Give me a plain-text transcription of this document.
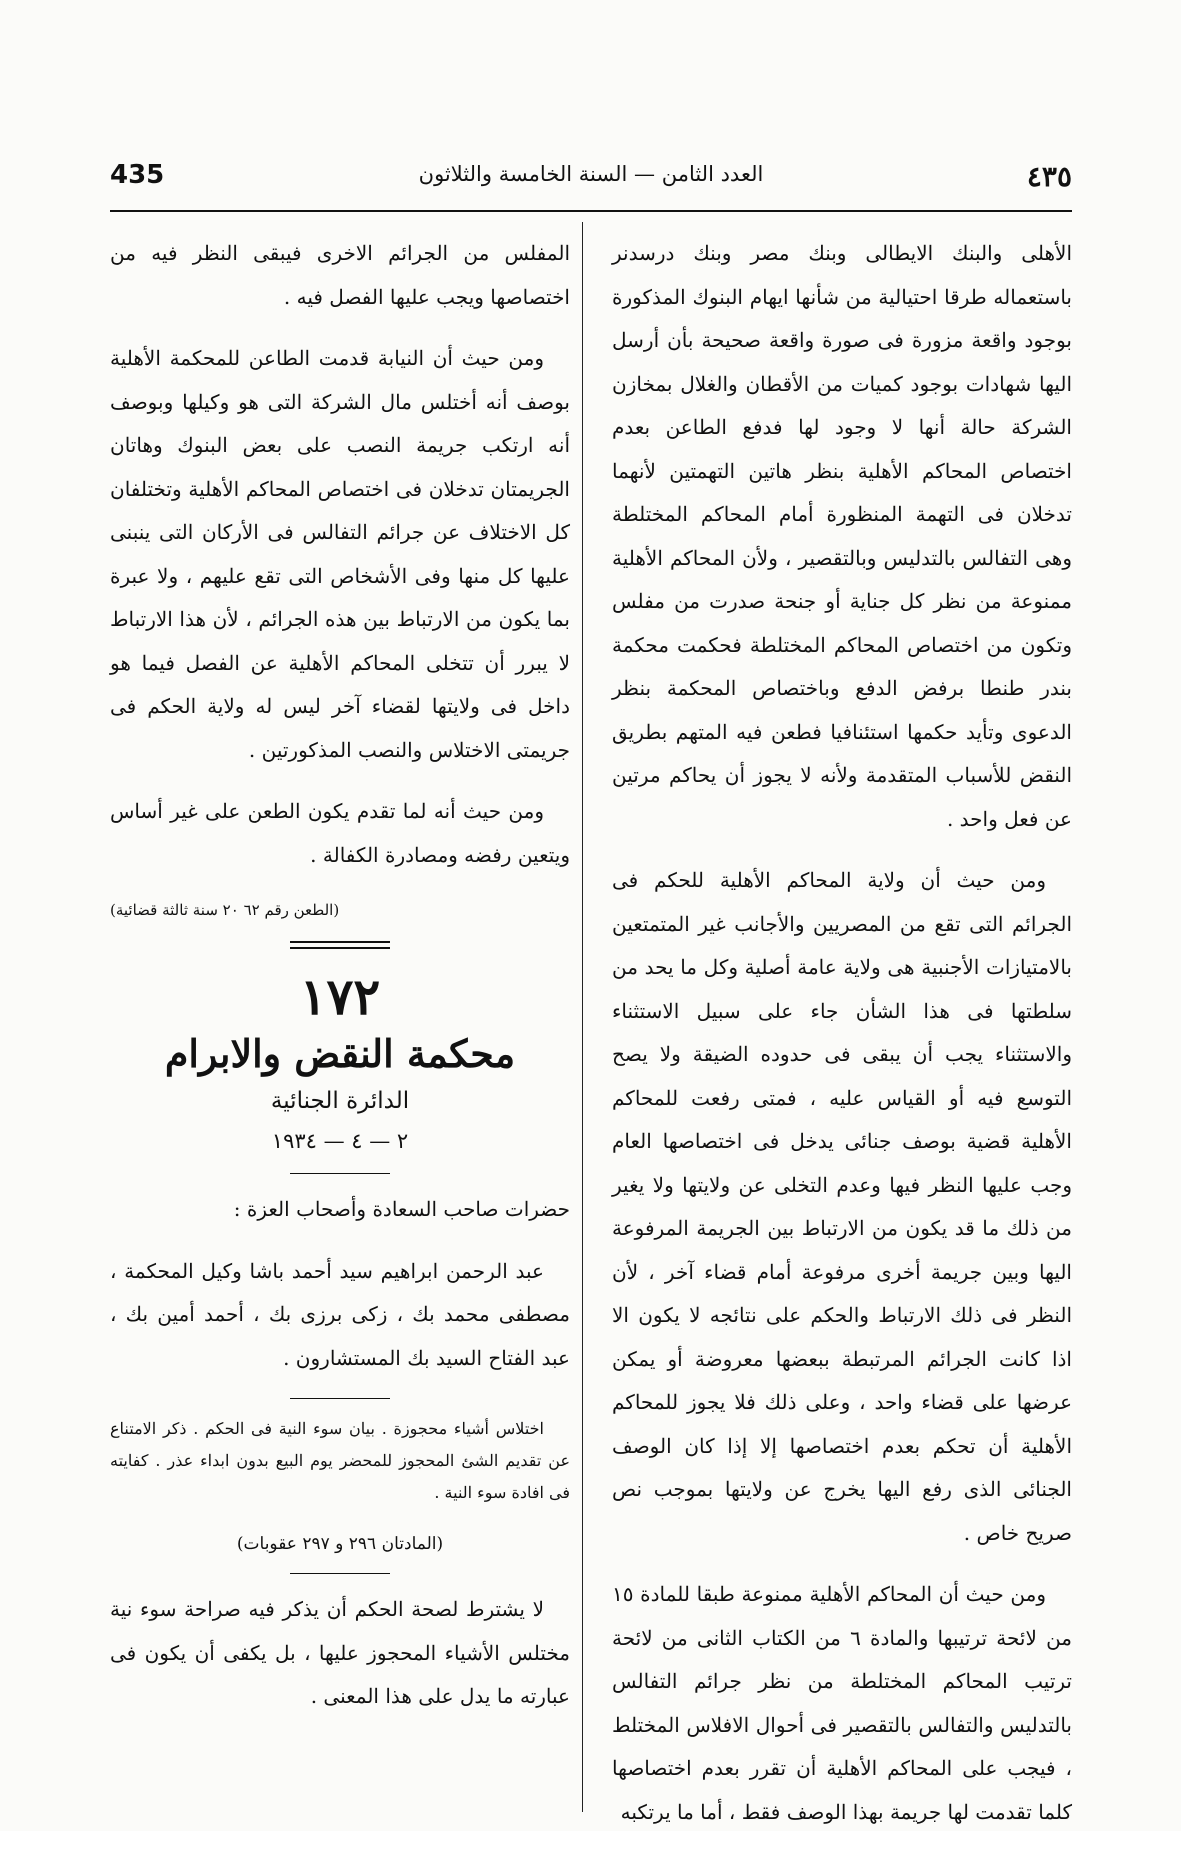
435	العدد الثامن — السنة الخامسة والثلاثون	٤٣٥

الأهلى والبنك الايطالى وبنك مصر وبنك درسدنر باستعماله طرقا احتيالية من شأنها ايهام البنوك المذكورة بوجود واقعة مزورة فى صورة واقعة صحيحة بأن أرسل اليها شهادات بوجود كميات من الأقطان والغلال بمخازن الشركة حالة أنها لا وجود لها فدفع الطاعن بعدم اختصاص المحاكم الأهلية بنظر هاتين التهمتين لأنهما تدخلان فى التهمة المنظورة أمام المحاكم المختلطة وهى التفالس بالتدليس وبالتقصير ، ولأن المحاكم الأهلية ممنوعة من نظر كل جناية أو جنحة صدرت من مفلس وتكون من اختصاص المحاكم المختلطة فحكمت محكمة بندر طنطا برفض الدفع وباختصاص المحكمة بنظر الدعوى وتأيد حكمها استئنافيا فطعن فيه المتهم بطريق النقض للأسباب المتقدمة ولأنه لا يجوز أن يحاكم مرتين عن فعل واحد .

ومن حيث أن ولاية المحاكم الأهلية للحكم فى الجرائم التى تقع من المصريين والأجانب غير المتمتعين بالامتيازات الأجنبية هى ولاية عامة أصلية وكل ما يحد من سلطتها فى هذا الشأن جاء على سبيل الاستثناء والاستثناء يجب أن يبقى فى حدوده الضيقة ولا يصح التوسع فيه أو القياس عليه ، فمتى رفعت للمحاكم الأهلية قضية بوصف جنائى يدخل فى اختصاصها العام وجب عليها النظر فيها وعدم التخلى عن ولايتها ولا يغير من ذلك ما قد يكون من الارتباط بين الجريمة المرفوعة اليها وبين جريمة أخرى مرفوعة أمام قضاء آخر ، لأن النظر فى ذلك الارتباط والحكم على نتائجه لا يكون الا اذا كانت الجرائم المرتبطة ببعضها معروضة أو يمكن عرضها على قضاء واحد ، وعلى ذلك فلا يجوز للمحاكم الأهلية أن تحكم بعدم اختصاصها إلا إذا كان الوصف الجنائى الذى رفع اليها يخرج عن ولايتها بموجب نص صريح خاص .

ومن حيث أن المحاكم الأهلية ممنوعة طبقا للمادة ١٥ من لائحة ترتيبها والمادة ٦ من الكتاب الثانى من لائحة ترتيب المحاكم المختلطة من نظر جرائم التفالس بالتدليس والتفالس بالتقصير فى أحوال الافلاس المختلط ، فيجب على المحاكم الأهلية أن تقرر بعدم اختصاصها كلما تقدمت لها جريمة بهذا الوصف فقط ، أما ما يرتكبه

المفلس من الجرائم الاخرى فيبقى النظر فيه من اختصاصها ويجب عليها الفصل فيه .

ومن حيث أن النيابة قدمت الطاعن للمحكمة الأهلية بوصف أنه أختلس مال الشركة التى هو وكيلها وبوصف أنه ارتكب جريمة النصب على بعض البنوك وهاتان الجريمتان تدخلان فى اختصاص المحاكم الأهلية وتختلفان كل الاختلاف عن جرائم التفالس فى الأركان التى ينبنى عليها كل منها وفى الأشخاص التى تقع عليهم ، ولا عبرة بما يكون من الارتباط بين هذه الجرائم ، لأن هذا الارتباط لا يبرر أن تتخلى المحاكم الأهلية عن الفصل فيما هو داخل فى ولايتها لقضاء آخر ليس له ولاية الحكم فى جريمتى الاختلاس والنصب المذكورتين .

ومن حيث أنه لما تقدم يكون الطعن على غير أساس ويتعين رفضه ومصادرة الكفالة .

(الطعن رقم ٦٢ ٢٠ سنة ثالثة قضائية)
١٧٢
محكمة النقض والابرام
الدائرة الجنائية
٢ — ٤ — ١٩٣٤

حضرات صاحب السعادة وأصحاب العزة :

عبد الرحمن ابراهيم سيد أحمد باشا وكيل المحكمة ، مصطفى محمد بك ، زكى برزى بك ، أحمد أمين بك ، عبد الفتاح السيد بك المستشارون .

اختلاس أشياء محجوزة . بيان سوء النية فى الحكم . ذكر الامتناع عن تقديم الشئ المحجوز للمحضر يوم البيع بدون ابداء عذر . كفايته فى افادة سوء النية .

(المادتان ٢٩٦ و ٢٩٧ عقوبات)

لا يشترط لصحة الحكم أن يذكر فيه صراحة سوء نية مختلس الأشياء المحجوز عليها ، بل يكفى أن يكون فى عبارته ما يدل على هذا المعنى .
